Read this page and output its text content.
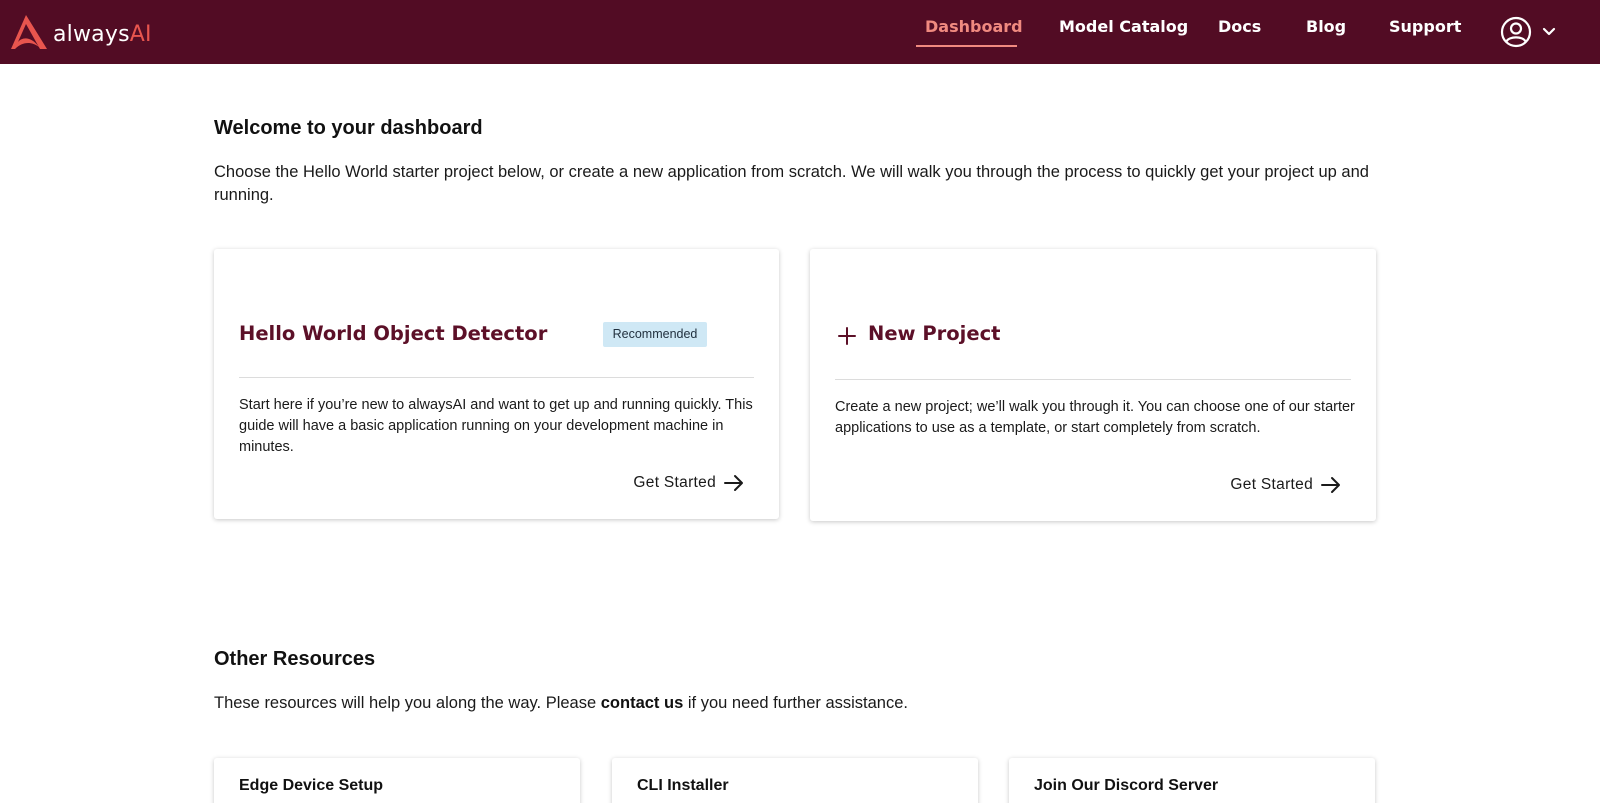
alwaysAI	Dashboard Model Catalog Docs	Blog	Support
Welcome to your dashboard

Choose the Hello World starter project below, or create a new application from scratch. We will walk you through the process to quickly get your project up and running.

Hello World Object Detector	Recommended

Start here if you’re new to alwaysAI and want to get up and running quickly. This guide will have a basic application running on your development machine in minutes.

Get Started
New Project

Create a new project; we’ll walk you through it. You can choose one of our starter applications to use as a template, or start completely from scratch.

Get Started
Other Resources

These resources will help you along the way. Please contact us if you need further assistance.

Edge Device Setup	CLI Installer	Join Our Discord Server
